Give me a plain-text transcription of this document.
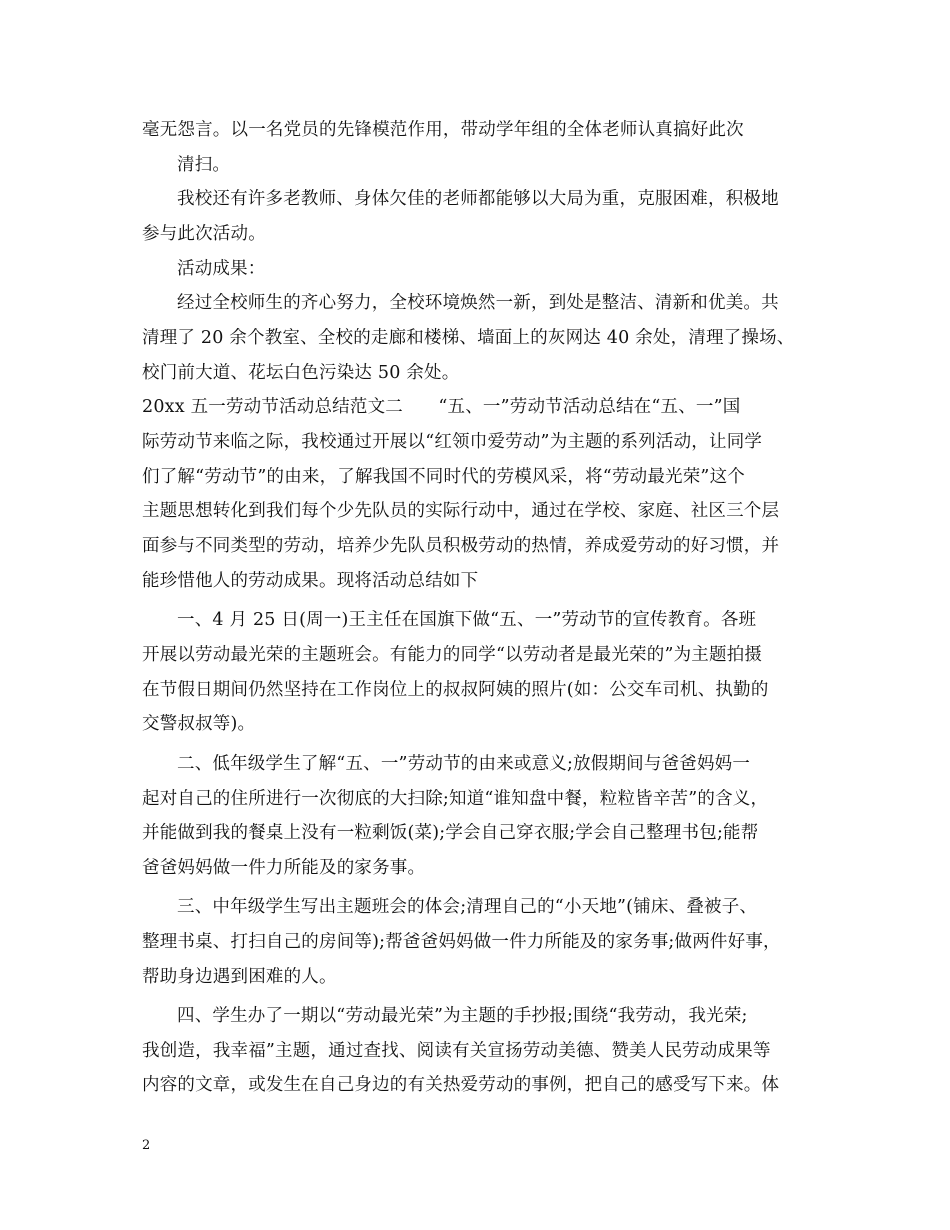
毫无怨言。以一名党员的先锋模范作用，带动学年组的全体老师认真搞好此次
清扫。
我校还有许多老教师、身体欠佳的老师都能够以大局为重，克服困难，积极地
参与此次活动。
活动成果：
经过全校师生的齐心努力，全校环境焕然一新，到处是整洁、清新和优美。共
清理了 20 余个教室、全校的走廊和楼梯、墙面上的灰网达 40 余处，清理了操场、
校门前大道、花坛白色污染达 50 余处。
20xx 五一劳动节活动总结范文二　　“五、一”劳动节活动总结在“五、一”国
际劳动节来临之际，我校通过开展以“红领巾爱劳动”为主题的系列活动，让同学
们了解“劳动节”的由来，了解我国不同时代的劳模风采，将“劳动最光荣”这个
主题思想转化到我们每个少先队员的实际行动中，通过在学校、家庭、社区三个层
面参与不同类型的劳动，培养少先队员积极劳动的热情，养成爱劳动的好习惯，并
能珍惜他人的劳动成果。现将活动总结如下
一、4 月 25 日(周一)王主任在国旗下做“五、一”劳动节的宣传教育。各班
开展以劳动最光荣的主题班会。有能力的同学“以劳动者是最光荣的”为主题拍摄
在节假日期间仍然坚持在工作岗位上的叔叔阿姨的照片(如：公交车司机、执勤的
交警叔叔等)。
二、低年级学生了解“五、一”劳动节的由来或意义;放假期间与爸爸妈妈一
起对自己的住所进行一次彻底的大扫除;知道“谁知盘中餐，粒粒皆辛苦”的含义，
并能做到我的餐桌上没有一粒剩饭(菜);学会自己穿衣服;学会自己整理书包;能帮
爸爸妈妈做一件力所能及的家务事。
三、中年级学生写出主题班会的体会;清理自己的“小天地”(铺床、叠被子、
整理书桌、打扫自己的房间等);帮爸爸妈妈做一件力所能及的家务事;做两件好事，
帮助身边遇到困难的人。
四、学生办了一期以“劳动最光荣”为主题的手抄报;围绕“我劳动，我光荣;
我创造，我幸福”主题，通过查找、阅读有关宣扬劳动美德、赞美人民劳动成果等
内容的文章，或发生在自己身边的有关热爱劳动的事例，把自己的感受写下来。体
2
